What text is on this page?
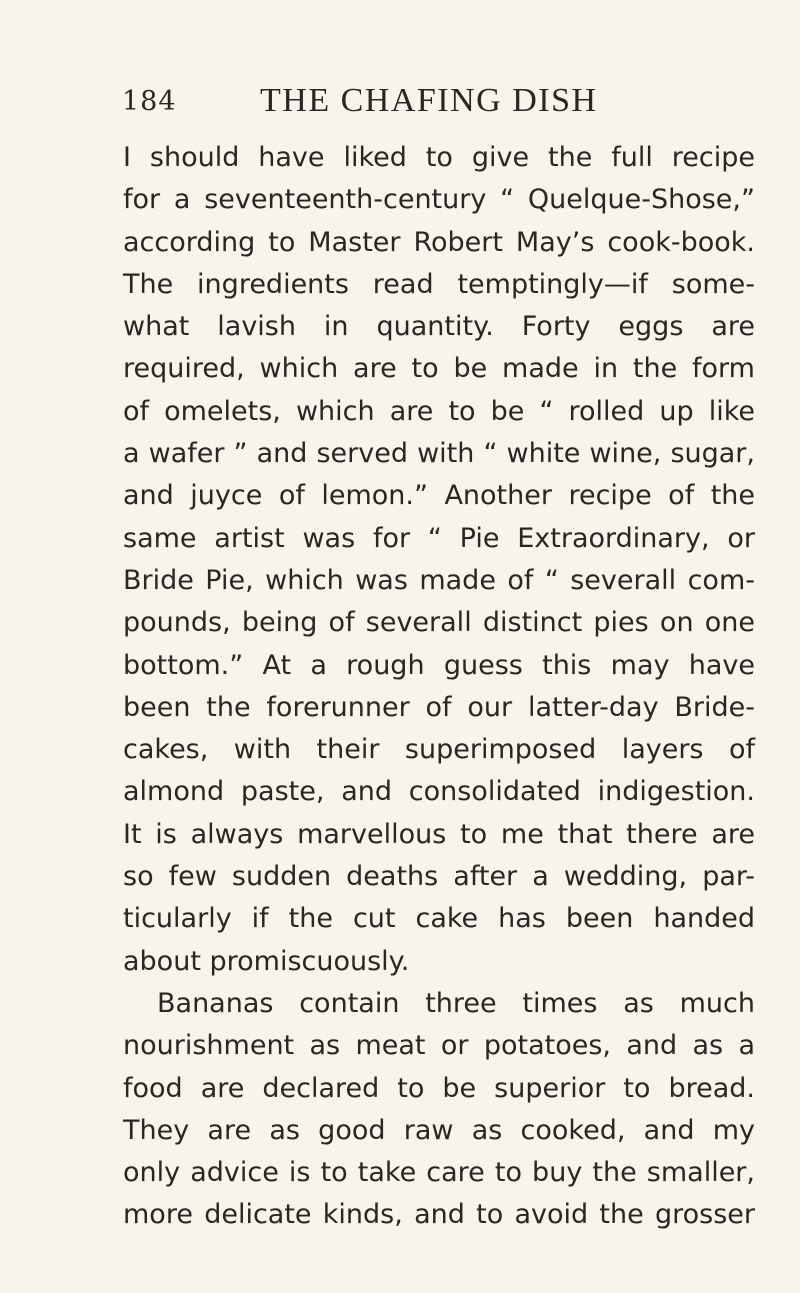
184 THE CHAFING DISH
I should have liked to give the full recipe
for a seventeenth-century “ Quelque-Shose,”
according to Master Robert May’s cook-book.
The ingredients read temptingly—if some-
what lavish in quantity. Forty eggs are
required, which are to be made in the form
of omelets, which are to be “ rolled up like
a wafer ” and served with “ white wine, sugar,
and juyce of lemon.” Another recipe of the
same artist was for “ Pie Extraordinary, or
Bride Pie, which was made of “ severall com-
pounds, being of severall distinct pies on one
bottom.” At a rough guess this may have
been the forerunner of our latter-day Bride-
cakes, with their superimposed layers of
almond paste, and consolidated indigestion.
It is always marvellous to me that there are
so few sudden deaths after a wedding, par-
ticularly if the cut cake has been handed
about promiscuously.
Bananas contain three times as much
nourishment as meat or potatoes, and as a
food are declared to be superior to bread.
They are as good raw as cooked, and my
only advice is to take care to buy the smaller,
more delicate kinds, and to avoid the grosser
